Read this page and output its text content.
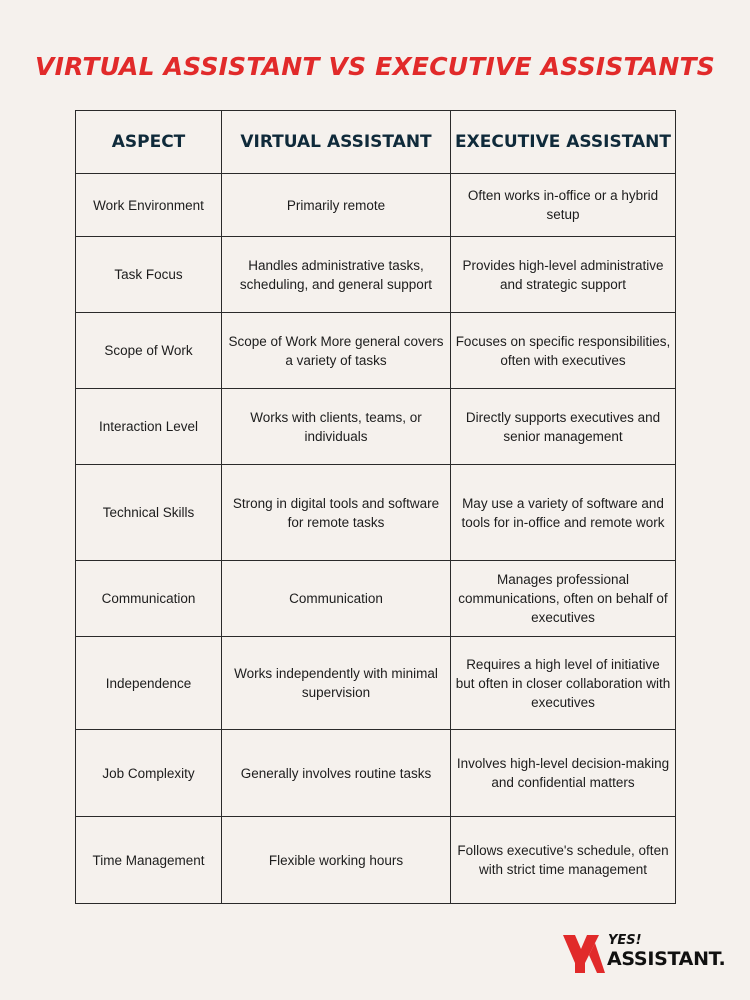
VIRTUAL ASSISTANT VS EXECUTIVE ASSISTANTS
ASPECT	VIRTUAL ASSISTANT	EXECUTIVE ASSISTANT
Work Environment	Primarily remote	Often works in-office or a hybrid setup
Task Focus	Handles administrative tasks, scheduling, and general support	Provides high-level administrative and strategic support
Scope of Work	Scope of Work More general covers a variety of tasks	Focuses on specific responsibilities, often with executives
Interaction Level	Works with clients, teams, or individuals	Directly supports executives and senior management
Technical Skills	Strong in digital tools and software for remote tasks	May use a variety of software and tools for in-office and remote work
Communication	Communication	Manages professional communications, often on behalf of executives
Independence	Works independently with minimal supervision	Requires a high level of initiative but often in closer collaboration with executives
Job Complexity	Generally involves routine tasks	Involves high-level decision-making and confidential matters
Time Management	Flexible working hours	Follows executive's schedule, often with strict time management
YES!
ASSISTANT.
